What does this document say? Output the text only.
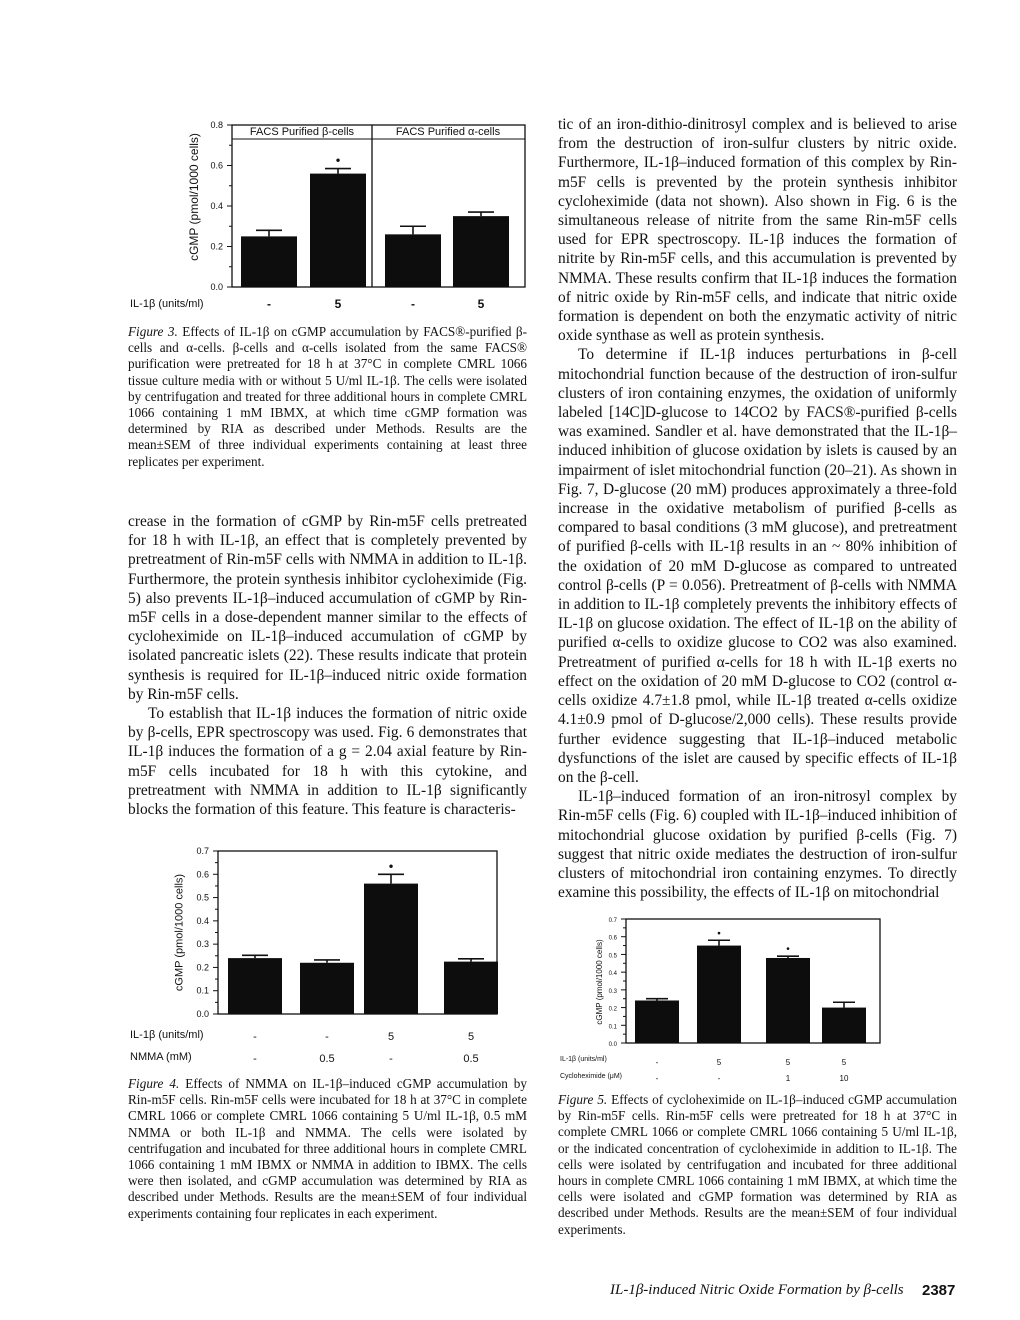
cGMP (pmol/1000 cells)
0.0
0.2
0.4
0.6
0.8
•
FACS Purified β-cells	FACS Purified α-cells
-	5	-	5
IL-1β (units/ml)

Figure 3. Effects of IL-1β on cGMP accumulation by FACS®-purified β-cells and α-cells. β-cells and α-cells isolated from the same FACS® purification were pretreated for 18 h at 37°C in complete CMRL 1066 tissue culture media with or without 5 U/ml IL-1β. The cells were isolated by centrifugation and treated for three additional hours in complete CMRL 1066 containing 1 mM IBMX, at which time cGMP formation was determined by RIA as described under Methods. Results are the mean±SEM of three individual experiments containing at least three replicates per experiment.

crease in the formation of cGMP by Rin-m5F cells pretreated for 18 h with IL-1β, an effect that is completely prevented by pretreatment of Rin-m5F cells with NMMA in addition to IL-1β. Furthermore, the protein synthesis inhibitor cycloheximide (Fig. 5) also prevents IL-1β–induced accumulation of cGMP by Rin-m5F cells in a dose-dependent manner similar to the effects of cycloheximide on IL-1β–induced accumulation of cGMP by isolated pancreatic islets (22). These results indicate that protein synthesis is required for IL-1β–induced nitric oxide formation by Rin-m5F cells.

To establish that IL-1β induces the formation of nitric oxide by β-cells, EPR spectroscopy was used. Fig. 6 demonstrates that IL-1β induces the formation of a g = 2.04 axial feature by Rin-m5F cells incubated for 18 h with this cytokine, and pretreatment with NMMA in addition to IL-1β significantly blocks the formation of this feature. This feature is characteris-

cGMP (pmol/1000 cells)
0.0
0.1
0.2
0.3
0.4
0.5
0.6
0.7
•
-	-	5	5
-	0.5	-	0.5
IL-1β (units/ml)
NMMA (mM)

Figure 4. Effects of NMMA on IL-1β–induced cGMP accumulation by Rin-m5F cells. Rin-m5F cells were incubated for 18 h at 37°C in complete CMRL 1066 or complete CMRL 1066 containing 5 U/ml IL-1β, 0.5 mM NMMA or both IL-1β and NMMA. The cells were isolated by centrifugation and incubated for three additional hours in complete CMRL 1066 containing 1 mM IBMX or NMMA in addition to IBMX. The cells were then isolated, and cGMP accumulation was determined by RIA as described under Methods. Results are the mean±SEM of four individual experiments containing four replicates in each experiment.

tic of an iron-dithio-dinitrosyl complex and is believed to arise from the destruction of iron-sulfur clusters by nitric oxide. Furthermore, IL-1β–induced formation of this complex by Rin-m5F cells is prevented by the protein synthesis inhibitor cycloheximide (data not shown). Also shown in Fig. 6 is the simultaneous release of nitrite from the same Rin-m5F cells used for EPR spectroscopy. IL-1β induces the formation of nitrite by Rin-m5F cells, and this accumulation is prevented by NMMA. These results confirm that IL-1β induces the formation of nitric oxide by Rin-m5F cells, and indicate that nitric oxide formation is dependent on both the enzymatic activity of nitric oxide synthase as well as protein synthesis.

To determine if IL-1β induces perturbations in β-cell mitochondrial function because of the destruction of iron-sulfur clusters of iron containing enzymes, the oxidation of uniformly labeled [14C]D-glucose to 14CO2 by FACS®-purified β-cells was examined. Sandler et al. have demonstrated that the IL-1β–induced inhibition of glucose oxidation by islets is caused by an impairment of islet mitochondrial function (20–21). As shown in Fig. 7, D-glucose (20 mM) produces approximately a three-fold increase in the oxidative metabolism of purified β-cells as compared to basal conditions (3 mM glucose), and pretreatment of purified β-cells with IL-1β results in an ~ 80% inhibition of the oxidation of 20 mM D-glucose as compared to untreated control β-cells (P = 0.056). Pretreatment of β-cells with NMMA in addition to IL-1β completely prevents the inhibitory effects of IL-1β on glucose oxidation. The effect of IL-1β on the ability of purified α-cells to oxidize glucose to CO2 was also examined. Pretreatment of purified α-cells for 18 h with IL-1β exerts no effect on the oxidation of 20 mM D-glucose to CO2 (control α-cells oxidize 4.7±1.8 pmol, while IL-1β treated α-cells oxidize 4.1±0.9 pmol of D-glucose/2,000 cells). These results provide further evidence suggesting that IL-1β–induced metabolic dysfunctions of the islet are caused by specific effects of IL-1β on the β-cell.

IL-1β–induced formation of an iron-nitrosyl complex by Rin-m5F cells (Fig. 6) coupled with IL-1β–induced inhibition of mitochondrial glucose oxidation by purified β-cells (Fig. 7) suggest that nitric oxide mediates the destruction of iron-sulfur clusters of mitochondrial iron containing enzymes. To directly examine this possibility, the effects of IL-1β on mitochondrial

cGMP (pmol/1000 cells)
0.0
0.1
0.2
0.3
0.4
0.5
0.6
0.7
•
•
-	5	5	5
-	-	1	10
IL-1β (units/ml)
Cycloheximide (μM)

Figure 5. Effects of cycloheximide on IL-1β–induced cGMP accumulation by Rin-m5F cells. Rin-m5F cells were pretreated for 18 h at 37°C in complete CMRL 1066 or complete CMRL 1066 containing 5 U/ml IL-1β, or the indicated concentration of cycloheximide in addition to IL-1β. The cells were isolated by centrifugation and incubated for three additional hours in complete CMRL 1066 containing 1 mM IBMX, at which time the cells were isolated and cGMP formation was determined by RIA as described under Methods. Results are the mean±SEM of four individual experiments.

IL-1β-induced Nitric Oxide Formation by β-cells 2387
